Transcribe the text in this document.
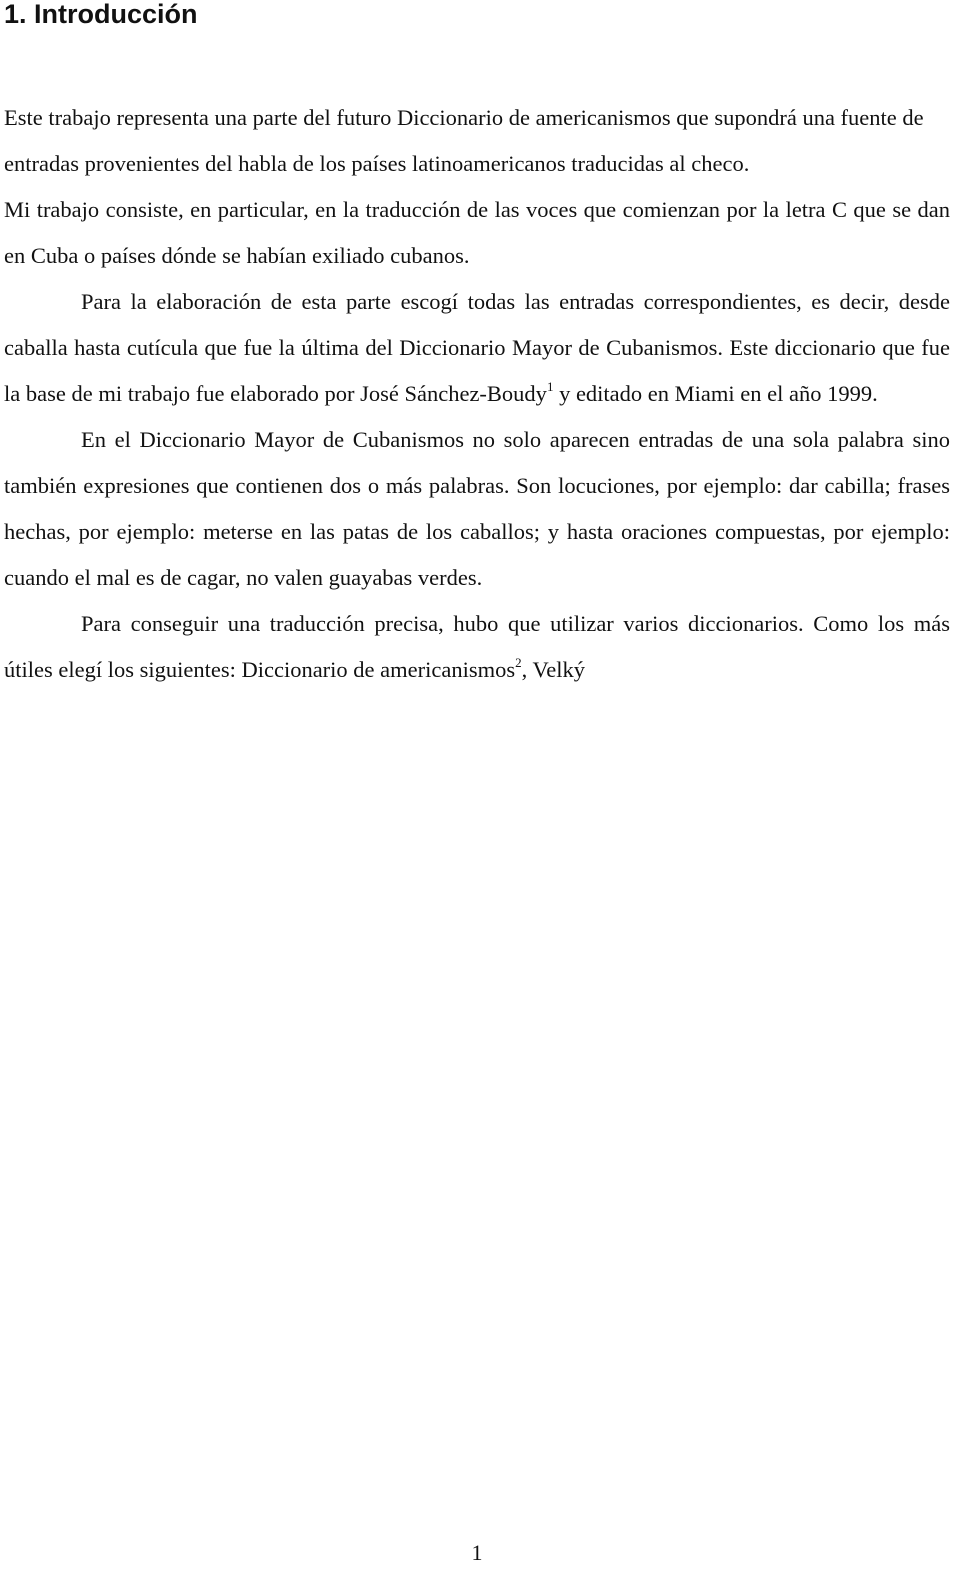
1. Introducción

Este trabajo representa una parte del futuro Diccionario de americanismos que supondrá una fuente de entradas provenientes del habla de los países latinoamericanos traducidas al checo.

Mi trabajo consiste, en particular, en la traducción de las voces que comienzan por la letra C que se dan en Cuba o países dónde se habían exiliado cubanos.

Para la elaboración de esta parte escogí todas las entradas correspondientes, es decir, desde caballa hasta cutícula que fue la última del Diccionario Mayor de Cubanismos. Este diccionario que fue la base de mi trabajo fue elaborado por José Sánchez-Boudy$^1$ y editado en Miami en el año 1999.

En el Diccionario Mayor de Cubanismos no solo aparecen entradas de una sola palabra sino también expresiones que contienen dos o más palabras. Son locuciones, por ejemplo: dar cabilla; frases hechas, por ejemplo: meterse en las patas de los caballos; y hasta oraciones compuestas, por ejemplo: cuando el mal es de cagar, no valen guayabas verdes.

Para conseguir una traducción precisa, hubo que utilizar varios diccionarios. Como los más útiles elegí los siguientes: Diccionario de americanismos$^2$, Velký

1
